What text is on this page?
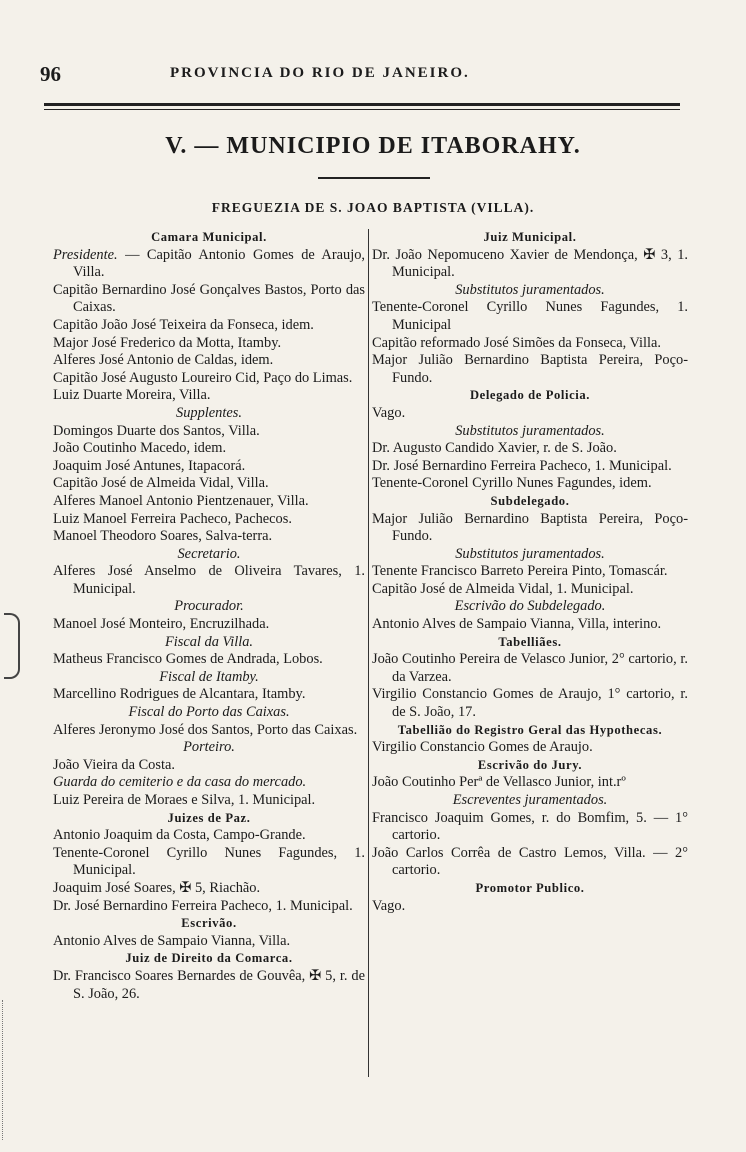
96	PROVINCIA DO RIO DE JANEIRO.
V. — MUNICIPIO DE ITABORAHY.
FREGUEZIA DE S. JOAO BAPTISTA (VILLA).
Camara Municipal.
Presidente. — Capitão Antonio Gomes de Araujo, Villa.
Capitão Bernardino José Gonçalves Bastos, Porto das Caixas.
Capitão João José Teixeira da Fonseca, idem.
Major José Frederico da Motta, Itamby.
Alferes José Antonio de Caldas, idem.
Capitão José Augusto Loureiro Cid, Paço do Limas.
Luiz Duarte Moreira, Villa.
Supplentes.
Domingos Duarte dos Santos, Villa.
João Coutinho Macedo, idem.
Joaquim José Antunes, Itapacorá.
Capitão José de Almeida Vidal, Villa.
Alferes Manoel Antonio Pientzenauer, Villa.
Luiz Manoel Ferreira Pacheco, Pachecos.
Manoel Theodoro Soares, Salva-terra.
Secretario.
Alferes José Anselmo de Oliveira Tavares, 1. Municipal.
Procurador.
Manoel José Monteiro, Encruzilhada.
Fiscal da Villa.
Matheus Francisco Gomes de Andrada, Lobos.
Fiscal de Itamby.
Marcellino Rodrigues de Alcantara, Itamby.
Fiscal do Porto das Caixas.
Alferes Jeronymo José dos Santos, Porto das Caixas.
Porteiro.
João Vieira da Costa.
Guarda do cemiterio e da casa do mercado.
Luiz Pereira de Moraes e Silva, 1. Municipal.
Juizes de Paz.
Antonio Joaquim da Costa, Campo-Grande.
Tenente-Coronel Cyrillo Nunes Fagundes, 1. Municipal.
Joaquim José Soares, ✠ 5, Riachão.
Dr. José Bernardino Ferreira Pacheco, 1. Municipal.
Escrivão.
Antonio Alves de Sampaio Vianna, Villa.
Juiz de Direito da Comarca.
Dr. Francisco Soares Bernardes de Gouvêa, ✠ 5, r. de S. João, 26.
Juiz Municipal.
Dr. João Nepomuceno Xavier de Mendonça, ✠ 3, 1. Municipal.
Substitutos juramentados.
Tenente-Coronel Cyrillo Nunes Fagundes, 1. Municipal
Capitão reformado José Simões da Fonseca, Villa.
Major Julião Bernardino Baptista Pereira, Poço-Fundo.
Delegado de Policia.
Vago.
Substitutos juramentados.
Dr. Augusto Candido Xavier, r. de S. João.
Dr. José Bernardino Ferreira Pacheco, 1. Municipal.
Tenente-Coronel Cyrillo Nunes Fagundes, idem.
Subdelegado.
Major Julião Bernardino Baptista Pereira, Poço-Fundo.
Substitutos juramentados.
Tenente Francisco Barreto Pereira Pinto, Tomascár.
Capitão José de Almeida Vidal, 1. Municipal.
Escrivão do Subdelegado.
Antonio Alves de Sampaio Vianna, Villa, interino.
Tabelliães.
João Coutinho Pereira de Velasco Junior, 2° cartorio, r. da Varzea.
Virgilio Constancio Gomes de Araujo, 1° cartorio, r. de S. João, 17.
Tabellião do Registro Geral das Hypothecas.
Virgilio Constancio Gomes de Araujo.
Escrivão do Jury.
João Coutinho Perª de Vellasco Junior, int.rº
Escreventes juramentados.
Francisco Joaquim Gomes, r. do Bomfim, 5. — 1° cartorio.
João Carlos Corrêa de Castro Lemos, Villa. — 2° cartorio.
Promotor Publico.
Vago.
